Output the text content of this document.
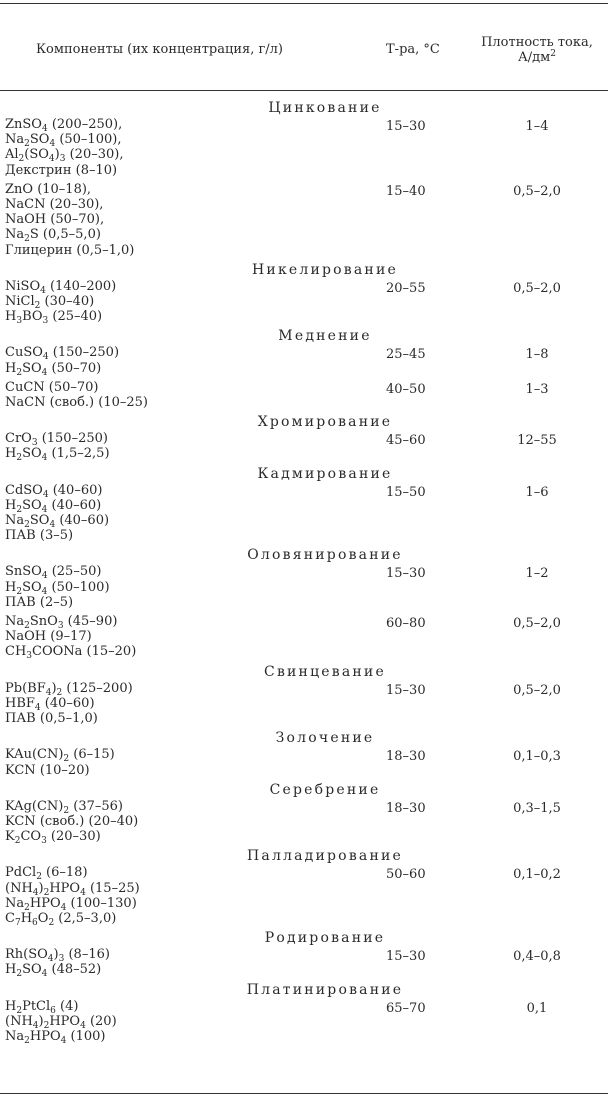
Компоненты (их концентрация, г/л)	Т-ра, °С	Плотность тока,
$А/дм^2$
Цинкование
ZnSO$_4$ (200–250),
$Na_2SO_4$ (50–100),
$Al_2(SO_4)_3$ (20–30),
Декстрин (8–10)
15–30	1–4
ZnO (10–18),
NaCN (20–30),
NaOH (50–70),
$Na_2S$ (0,5–5,0)
Глицерин (0,5–1,0)
15–40	0,5–2,0
Никелирование
NiSO$_4$ (140–200)
NiCl$_2$ (30–40)
$H_3BO_3$ (25–40)
20–55	0,5–2,0
Меднение
CuSO$_4$ (150–250)
$H_2SO_4$ (50–70)
25–45	1–8
CuCN (50–70)
NaCN (своб.) (10–25)
40–50	1–3
Хромирование
CrO$_3$ (150–250)
$H_2SO_4$ (1,5–2,5)
45–60	12–55
Кадмирование
CdSO$_4$ (40–60)
$H_2SO_4$ (40–60)
$Na_2SO_4$ (40–60)
ПАВ (3–5)
15–50	1–6
Оловянирование
SnSO$_4$ (25–50)
$H_2SO_4$ (50–100)
ПАВ (2–5)
15–30	1–2
$Na_2SnO_3$ (45–90)
NaOH (9–17)
$CH_3COONa$ (15–20)
60–80	0,5–2,0
Свинцевание
$Pb(BF_4)_2$ (125–200)
$HBF_4$ (40–60)
ПАВ (0,5–1,0)
15–30	0,5–2,0
Золочение
$KAu(CN)_2$ (6–15)
KCN (10–20)
18–30	0,1–0,3
Серебрение
$KAg(CN)_2$ (37–56)
KCN (своб.) (20–40)
$K_2CO_3$ (20–30)
18–30	0,3–1,5
Палладирование
PdCl$_2$ (6–18)
$(NH_4)_2HPO_4$ (15–25)
$Na_2HPO_4$ (100–130)
$C_7H_6O_2$ (2,5–3,0)
50–60	0,1–0,2
Родирование
$Rh(SO_4)_3$ (8–16)
$H_2SO_4$ (48–52)
15–30	0,4–0,8
Платинирование
$H_2PtCl_6$ (4)
$(NH_4)_2HPO_4$ (20)
$Na_2HPO_4$ (100)
65–70	0,1
